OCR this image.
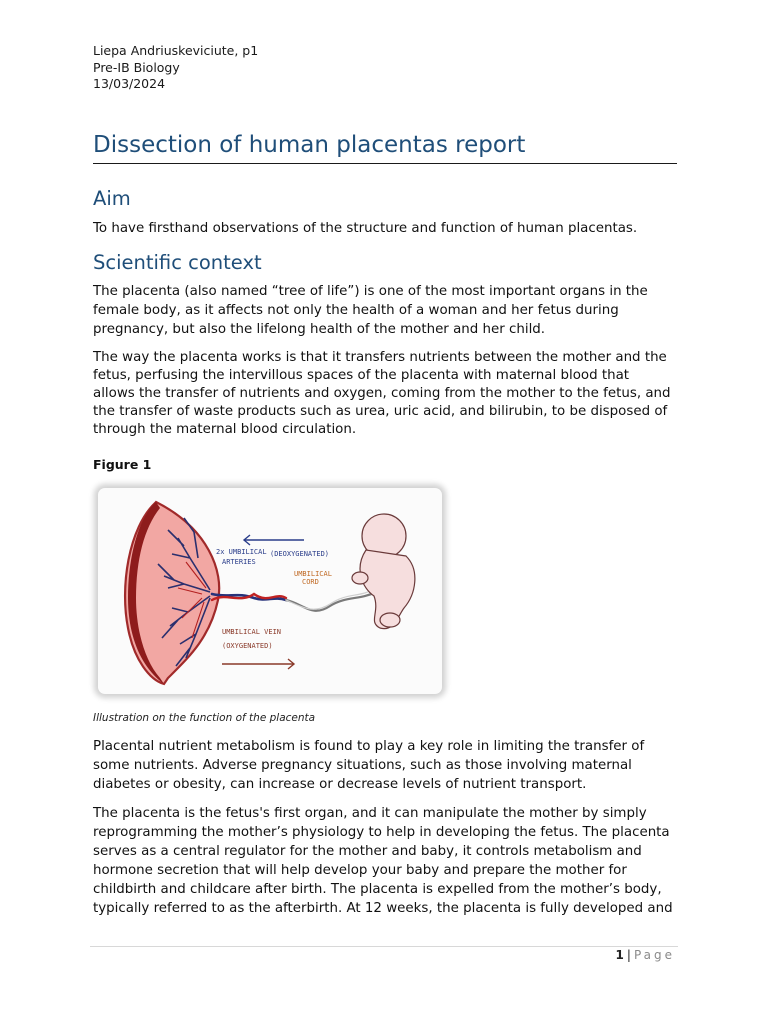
Liepa Andriuskeviciute, p1
Pre-IB Biology
13/03/2024
Dissection of human placentas report
Aim

To have firsthand observations of the structure and function of human placentas.

Scientific context

The placenta (also named “tree of life”) is one of the most important organs in the female body, as it affects not only the health of a woman and her fetus during pregnancy, but also the lifelong health of the mother and her child.

The way the placenta works is that it transfers nutrients between the mother and the fetus, perfusing the intervillous spaces of the placenta with maternal blood that allows the transfer of nutrients and oxygen, coming from the mother to the fetus, and the transfer of waste products such as urea, uric acid, and bilirubin, to be disposed of through the maternal blood circulation.

Figure 1
2x UMBILICAL (DEOXYGENATED)
ARTERIES
UMBILICAL
CORD
UMBILICAL VEIN
(OXYGENATED)
Illustration on the function of the placenta

Placental nutrient metabolism is found to play a key role in limiting the transfer of some nutrients. Adverse pregnancy situations, such as those involving maternal diabetes or obesity, can increase or decrease levels of nutrient transport.

The placenta is the fetus's first organ, and it can manipulate the mother by simply reprogramming the mother’s physiology to help in developing the fetus. The placenta serves as a central regulator for the mother and baby, it controls metabolism and hormone secretion that will help develop your baby and prepare the mother for childbirth and childcare after birth. The placenta is expelled from the mother’s body, typically referred to as the afterbirth. At 12 weeks, the placenta is fully developed and

1 | Page
